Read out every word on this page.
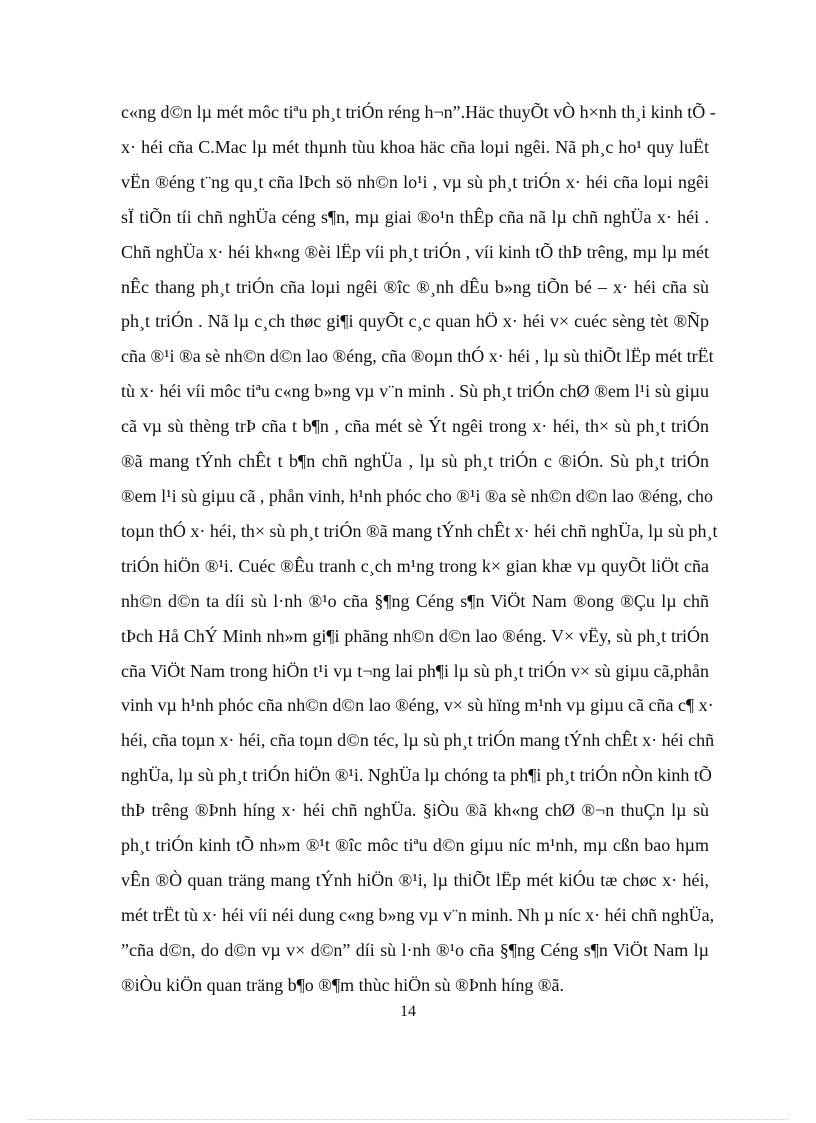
c«ng d©n lµ mét môc tiªu ph¸t triÓn réng h¬n”.Häc thuyÕt vÒ h×nh th¸i kinh tÕ -
x· héi cña C.Mac lµ mét thµnh tùu khoa häc cña loµi ngêi. Nã ph¸c ho¹ quy luËt
vËn ®éng t¨ng qu¸t cña lÞch sö nh©n lo¹i , vµ sù ph¸t triÓn x· héi cña loµi ngêi
sÏ tiÕn tíi chñ nghÜa céng s¶n, mµ giai ®o¹n thÊp cña nã lµ chñ nghÜa x· héi .
Chñ nghÜa x· héi kh«ng ®èi lËp víi ph¸t triÓn , víi kinh tÕ thÞ trêng, mµ lµ mét
nÊc thang ph¸t triÓn cña loµi ngêi ®îc ®¸nh dÊu b»ng tiÕn bé – x· héi cña sù
ph¸t triÓn . Nã lµ c¸ch thøc gi¶i quyÕt c¸c quan hÖ x· héi v× cuéc sèng tèt ®Ñp
cña ®¹i ®a sè nh©n d©n lao ®éng, cña ®oµn thÓ x· héi , lµ sù thiÕt lËp mét trËt
tù x· héi víi môc tiªu c«ng b»ng vµ v¨n minh . Sù ph¸t triÓn chØ ®em l¹i sù giµu
cã vµ sù thèng trÞ cña t b¶n , cña mét sè Ýt ngêi trong x· héi, th× sù ph¸t triÓn
®ã mang tÝnh chÊt t b¶n chñ nghÜa , lµ sù ph¸t triÓn c ®iÓn. Sù ph¸t triÓn
®em l¹i sù giµu cã , phån vinh, h¹nh phóc cho ®¹i ®a sè nh©n d©n lao ®éng, cho
toµn thÓ x· héi, th× sù ph¸t triÓn ®ã mang tÝnh chÊt x· héi chñ nghÜa, lµ sù ph¸t
triÓn hiÖn ®¹i. Cuéc ®Êu tranh c¸ch m¹ng trong k× gian khæ vµ quyÕt liÖt cña
nh©n d©n ta díi sù l·nh ®¹o cña §¶ng Céng s¶n ViÖt Nam ®ong ®Çu lµ chñ
tÞch Hå ChÝ Minh nh»m gi¶i phãng nh©n d©n lao ®éng. V× vËy, sù ph¸t triÓn
cña ViÖt Nam trong hiÖn t¹i vµ t¬ng lai ph¶i lµ sù ph¸t triÓn v× sù giµu cã,phån
vinh vµ h¹nh phóc cña nh©n d©n lao ®éng, v× sù hïng m¹nh vµ giµu cã cña c¶ x·
héi, cña toµn x· héi, cña toµn d©n téc, lµ sù ph¸t triÓn mang tÝnh chÊt x· héi chñ
nghÜa, lµ sù ph¸t triÓn hiÖn ®¹i. NghÜa lµ chóng ta ph¶i ph¸t triÓn nÒn kinh tÕ
thÞ trêng ®Þnh híng x· héi chñ nghÜa. §iÒu ®ã kh«ng chØ ®¬n thuÇn lµ sù
ph¸t triÓn kinh tÕ nh»m ®¹t ®îc môc tiªu d©n giµu níc m¹nh, mµ cßn bao hµm
vÊn ®Ò quan träng mang tÝnh hiÖn ®¹i, lµ thiÕt lËp mét kiÓu tæ chøc x· héi,
mét trËt tù x· héi víi néi dung c«ng b»ng vµ v¨n minh. Nh µ níc x· héi chñ nghÜa,
”cña d©n, do d©n vµ v× d©n” díi sù l·nh ®¹o cña §¶ng Céng s¶n ViÖt Nam lµ
®iÒu kiÖn quan träng b¶o ®¶m thùc hiÖn sù ®Þnh híng ®ã.
14
